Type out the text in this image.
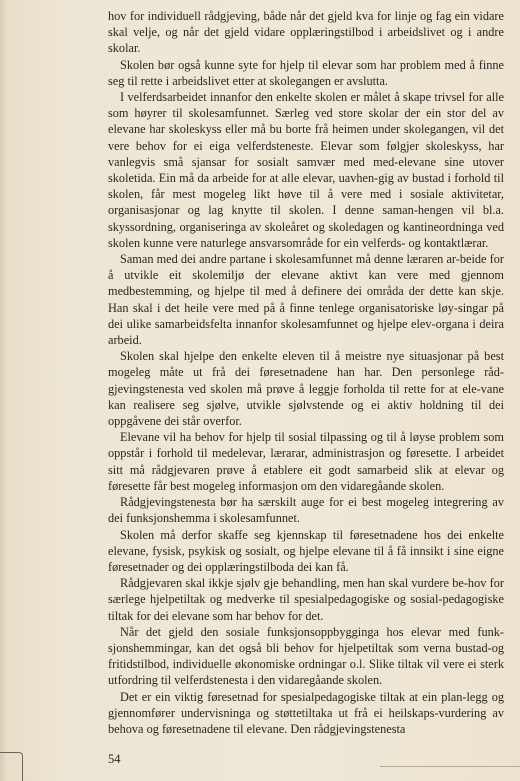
hov for individuell rådgjeving, både når det gjeld kva for linje og fag ein vidare skal velje, og når det gjeld vidare opplæringstilbod i arbeidslivet og i andre skolar.

Skolen bør også kunne syte for hjelp til elevar som har problem med å finne seg til rette i arbeidslivet etter at skolegangen er avslutta.

I velferdsarbeidet innanfor den enkelte skolen er målet å skape trivsel for alle som høyrer til skolesamfunnet. Særleg ved store skolar der ein stor del av elevane har skoleskyss eller må bu borte frå heimen under skolegangen, vil det vere behov for ei eiga velferdsteneste. Elevar som følgjer skoleskyss, har vanlegvis små sjansar for sosialt samvær med med-elevane sine utover skoletida. Ein må da arbeide for at alle elevar, uavhen-gig av bustad i forhold til skolen, får mest mogeleg likt høve til å vere med i sosiale aktivitetar, organisasjonar og lag knytte til skolen. I denne saman-hengen vil bl.a. skyssordning, organiseringa av skoleåret og skoledagen og kantineordninga ved skolen kunne vere naturlege ansvarsområde for ein velferds- og kontaktlærar.

Saman med dei andre partane i skolesamfunnet må denne læraren ar-beide for å utvikle eit skolemiljø der elevane aktivt kan vere med gjennom medbestemming, og hjelpe til med å definere dei områda der dette kan skje. Han skal i det heile vere med på å finne tenlege organisatoriske løy-singar på dei ulike samarbeidsfelta innanfor skolesamfunnet og hjelpe elev-organa i deira arbeid.

Skolen skal hjelpe den enkelte eleven til å meistre nye situasjonar på best mogeleg måte ut frå dei føresetnadene han har. Den personlege råd-gjevingstenesta ved skolen må prøve å leggje forholda til rette for at ele-vane kan realisere seg sjølve, utvikle sjølvstende og ei aktiv holdning til dei oppgåvene dei står overfor.

Elevane vil ha behov for hjelp til sosial tilpassing og til å løyse problem som oppstår i forhold til medelevar, lærarar, administrasjon og føresette. I arbeidet sitt må rådgjevaren prøve å etablere eit godt samarbeid slik at elevar og føresette får best mogeleg informasjon om den vidaregåande skolen.

Rådgjevingstenesta bør ha særskilt auge for ei best mogeleg integrering av dei funksjonshemma i skolesamfunnet.

Skolen må derfor skaffe seg kjennskap til føresetnadene hos dei enkelte elevane, fysisk, psykisk og sosialt, og hjelpe elevane til å få innsikt i sine eigne føresetnader og dei opplæringstilboda dei kan få.

Rådgjevaren skal ikkje sjølv gje behandling, men han skal vurdere be-hov for særlege hjelpetiltak og medverke til spesialpedagogiske og sosial-pedagogiske tiltak for dei elevane som har behov for det.

Når det gjeld den sosiale funksjonsoppbygginga hos elevar med funk-sjonshemmingar, kan det også bli behov for hjelpetiltak som verna bustad-og fritidstilbod, individuelle økonomiske ordningar o.l. Slike tiltak vil vere ei sterk utfordring til velferdstenesta i den vidaregåande skolen.

Det er ein viktig føresetnad for spesialpedagogiske tiltak at ein plan-legg og gjennomfører undervisninga og støttetiltaka ut frå ei heilskaps-vurdering av behova og føresetnadene til elevane. Den rådgjevingstenesta

54
